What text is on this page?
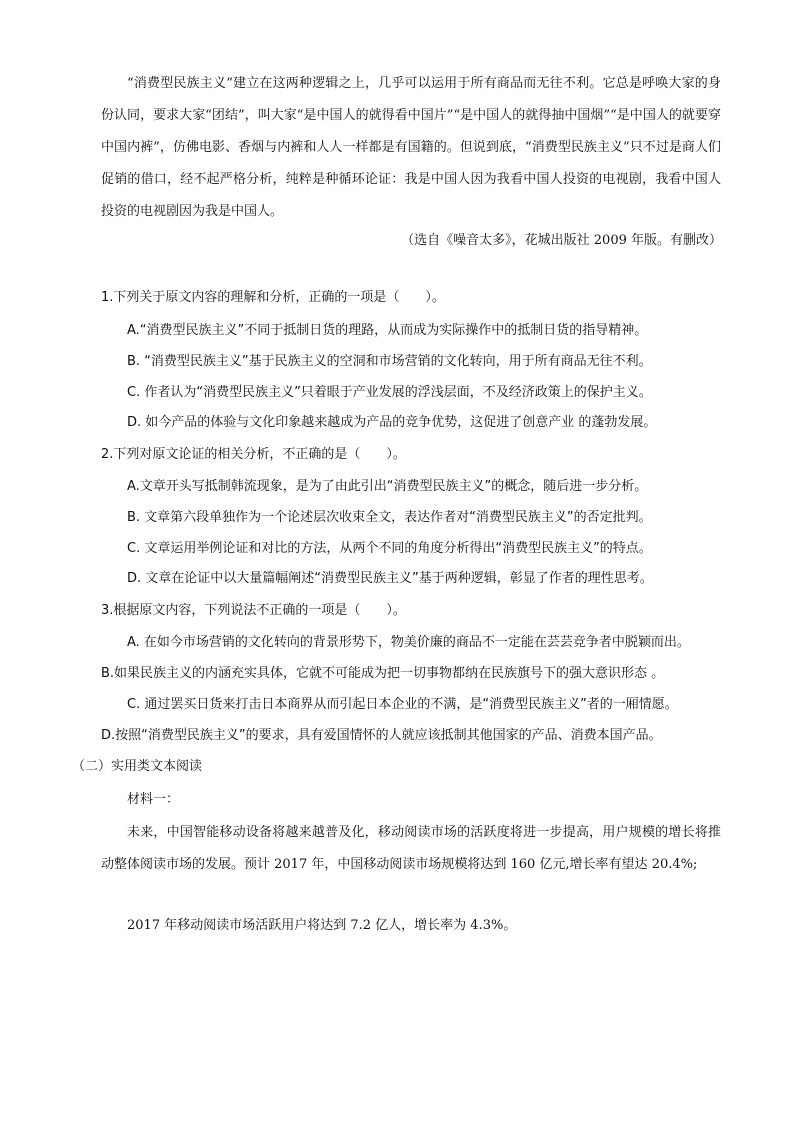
“消费型民族主义”建立在这两种逻辑之上，几乎可以运用于所有商品而无往不利。它总是呼唤大家的身份认同，要求大家“团结”，叫大家“是中国人的就得看中国片”“是中国人的就得抽中国烟”“是中国人的就要穿中国内裤”，仿佛电影、香烟与内裤和人人一样都是有国籍的。但说到底，“消费型民族主义”只不过是商人们促销的借口，经不起严格分析，纯粹是种循环论证：我是中国人因为我看中国人投资的电视剧，我看中国人投资的电视剧因为我是中国人。
（选自《噪音太多》，花城出版社 2009 年版。有删改）
1.下列关于原文内容的理解和分析，正确的一项是（　　）。
A.“消费型民族主义”不同于抵制日货的理路，从而成为实际操作中的抵制日货的指导精神。
B. “消费型民族主义”基于民族主义的空洞和市场营销的文化转向，用于所有商品无往不利。
C. 作者认为“消费型民族主义”只着眼于产业发展的浮浅层面，不及经济政策上的保护主义。
D. 如今产品的体验与文化印象越来越成为产品的竞争优势，这促进了创意产业 的蓬勃发展。
2.下列对原文论证的相关分析，不正确的是（　　）。
A.文章开头写抵制韩流现象，是为了由此引出“消费型民族主义”的概念，随后进一步分析。
B. 文章第六段单独作为一个论述层次收束全文，表达作者对“消费型民族主义”的否定批判。
C. 文章运用举例论证和对比的方法，从两个不同的角度分析得出“消费型民族主义”的特点。
D. 文章在论证中以大量篇幅阐述“消费型民族主义”基于两种逻辑，彰显了作者的理性思考。
3.根据原文内容，下列说法不正确的一项是（　　）。
A. 在如今市场营销的文化转向的背景形势下，物美价廉的商品不一定能在芸芸竞争者中脱颖而出。
B.如果民族主义的内涵充实具体，它就不可能成为把一切事物都纳在民族旗号下的强大意识形态 。
C. 通过罢买日货来打击日本商界从而引起日本企业的不满，是“消费型民族主义”者的一厢情愿。
D.按照“消费型民族主义”的要求，具有爱国情怀的人就应该抵制其他国家的产品、消费本国产品。
（二）实用类文本阅读
材料一：
未来，中国智能移动设备将越来越普及化，移动阅读市场的活跃度将进一步提高，用户规模的增长将推动整体阅读市场的发展。预计 2017 年，中国移动阅读市场规模将达到 160 亿元,增长率有望达 20.4%;
2017 年移动阅读市场活跃用户将达到 7.2 亿人，增长率为 4.3%。
